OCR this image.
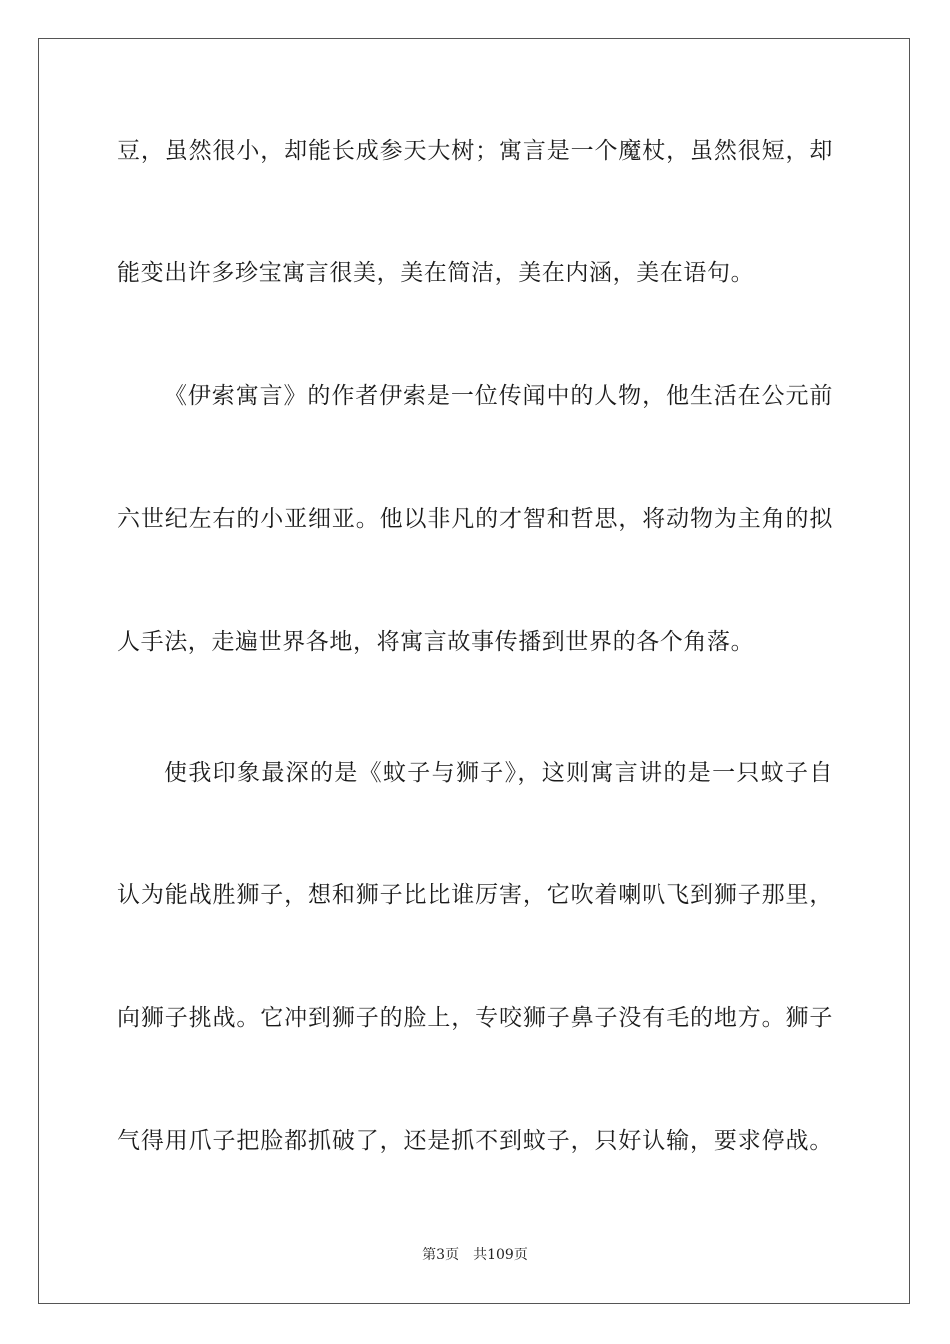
豆，虽然很小，却能长成参天大树；寓言是一个魔杖，虽然很短，却
能变出许多珍宝寓言很美，美在简洁，美在内涵，美在语句。
《伊索寓言》的作者伊索是一位传闻中的人物，他生活在公元前
六世纪左右的小亚细亚。他以非凡的才智和哲思，将动物为主角的拟
人手法，走遍世界各地，将寓言故事传播到世界的各个角落。
使我印象最深的是《蚊子与狮子》，这则寓言讲的是一只蚊子自
认为能战胜狮子，想和狮子比比谁厉害，它吹着喇叭飞到狮子那里，
向狮子挑战。它冲到狮子的脸上，专咬狮子鼻子没有毛的地方。狮子
气得用爪子把脸都抓破了，还是抓不到蚊子，只好认输，要求停战。
第3页 共109页
